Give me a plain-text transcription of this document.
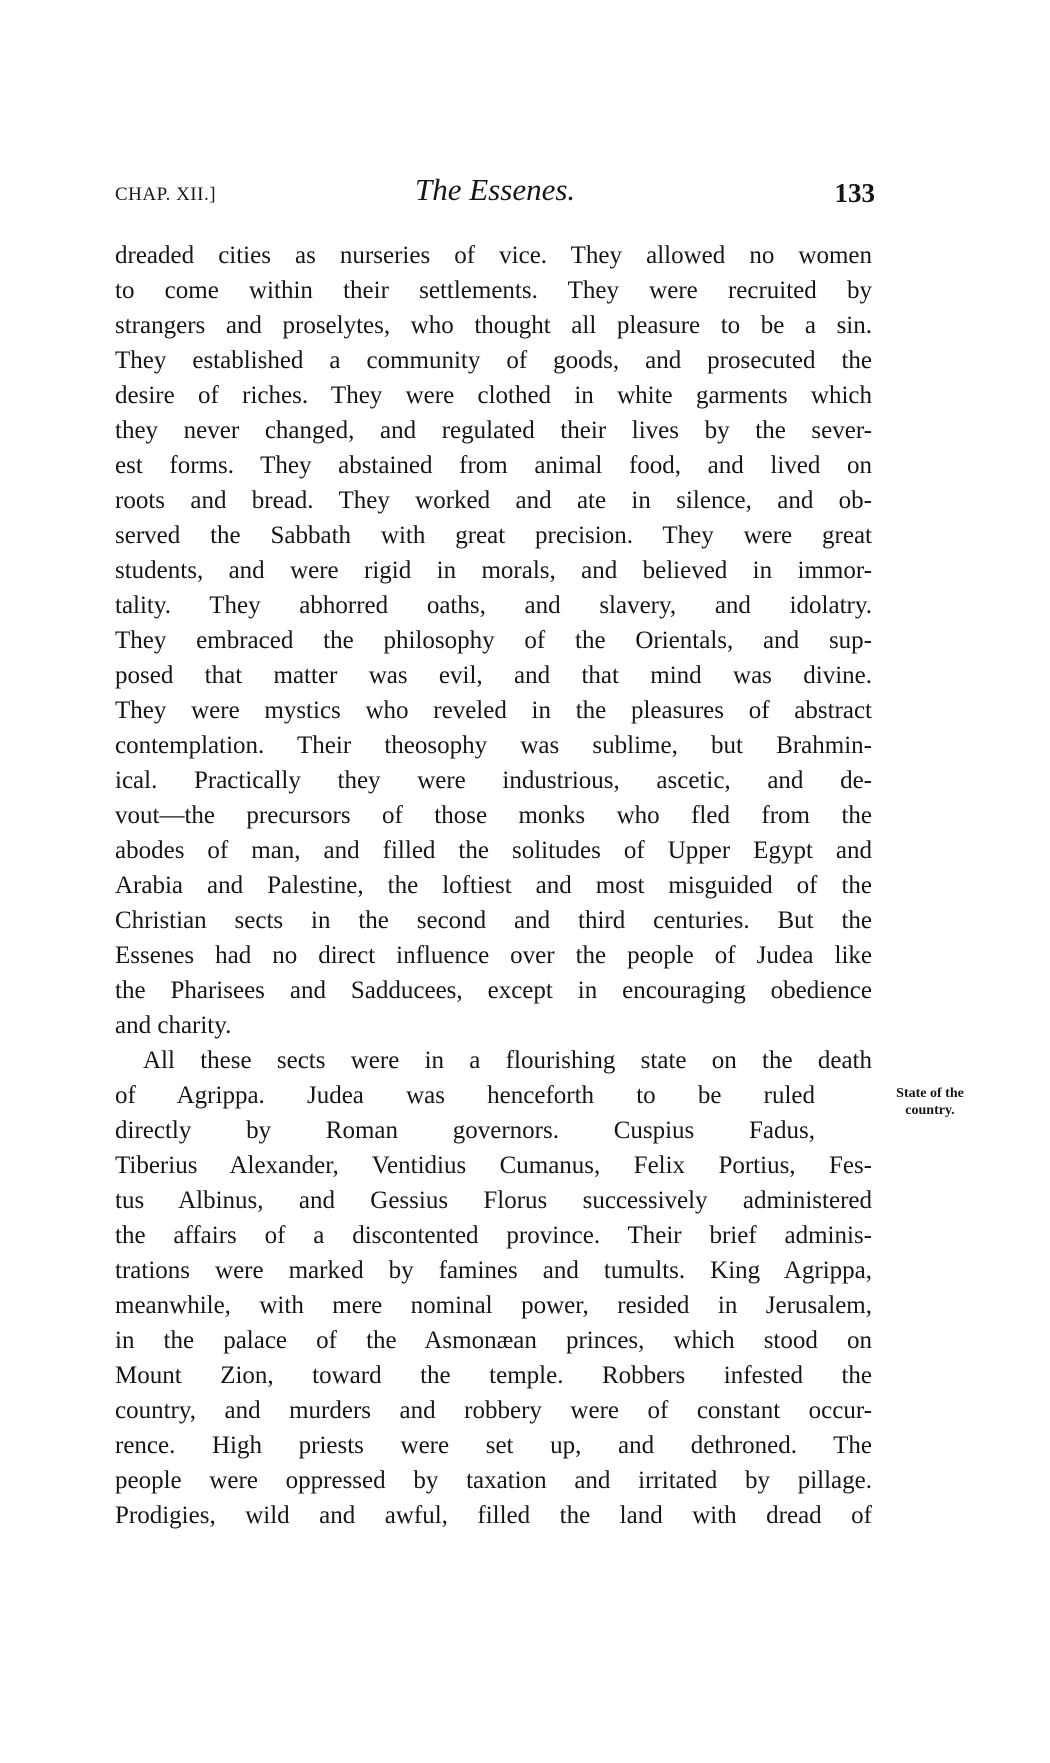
CHAP. XII.]	The Essenes.	133
dreaded cities as nurseries of vice. They allowed no women
to come within their settlements. They were recruited by
strangers and proselytes, who thought all pleasure to be a sin.
They established a community of goods, and prosecuted the
desire of riches. They were clothed in white garments which
they never changed, and regulated their lives by the sever-
est forms. They abstained from animal food, and lived on
roots and bread. They worked and ate in silence, and ob-
served the Sabbath with great precision. They were great
students, and were rigid in morals, and believed in immor-
tality. They abhorred oaths, and slavery, and idolatry.
They embraced the philosophy of the Orientals, and sup-
posed that matter was evil, and that mind was divine.
They were mystics who reveled in the pleasures of abstract
contemplation. Their theosophy was sublime, but Brahmin-
ical. Practically they were industrious, ascetic, and de-
vout—the precursors of those monks who fled from the
abodes of man, and filled the solitudes of Upper Egypt and
Arabia and Palestine, the loftiest and most misguided of the
Christian sects in the second and third centuries. But the
Essenes had no direct influence over the people of Judea like
the Pharisees and Sadducees, except in encouraging obedience
and charity.
All these sects were in a flourishing state on the death
of Agrippa. Judea was henceforth to be ruled
directly by Roman governors. Cuspius Fadus,
Tiberius Alexander, Ventidius Cumanus, Felix Portius, Fes-
tus Albinus, and Gessius Florus successively administered
the affairs of a discontented province. Their brief adminis-
trations were marked by famines and tumults. King Agrippa,
meanwhile, with mere nominal power, resided in Jerusalem,
in the palace of the Asmonæan princes, which stood on
Mount Zion, toward the temple. Robbers infested the
country, and murders and robbery were of constant occur-
rence. High priests were set up, and dethroned. The
people were oppressed by taxation and irritated by pillage.
Prodigies, wild and awful, filled the land with dread of
State of the
country.
